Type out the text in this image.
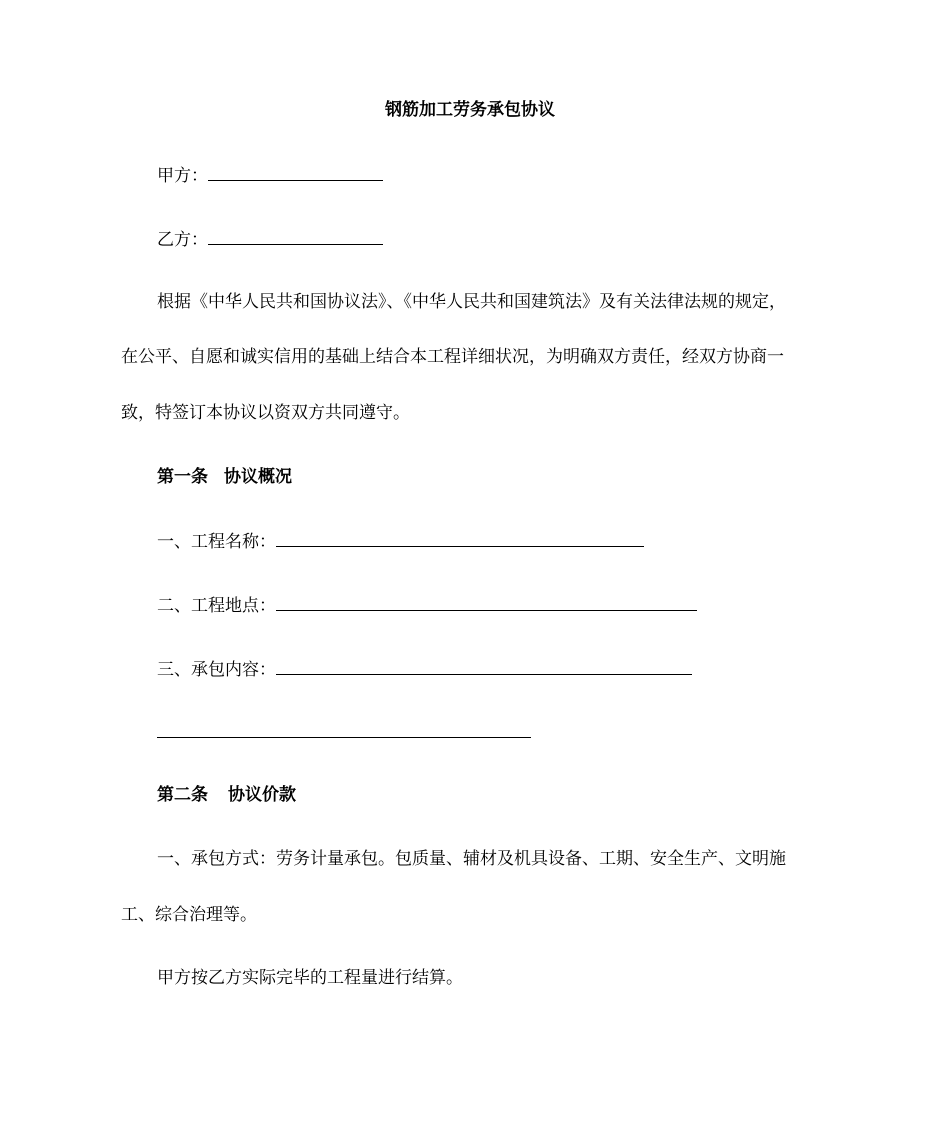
钢筋加工劳务承包协议

甲方：

乙方：

根据《中华人民共和国协议法》、《中华人民共和国建筑法》及有关法律法规的规定，

在公平、自愿和诚实信用的基础上结合本工程详细状况，为明确双方责任，经双方协商一

致，特签订本协议以资双方共同遵守。

第一条 协议概况

一、工程名称：

二、工程地点：

三、承包内容：

第二条 协议价款

一、承包方式：劳务计量承包。包质量、辅材及机具设备、工期、安全生产、文明施

工、综合治理等。

甲方按乙方实际完毕的工程量进行结算。
